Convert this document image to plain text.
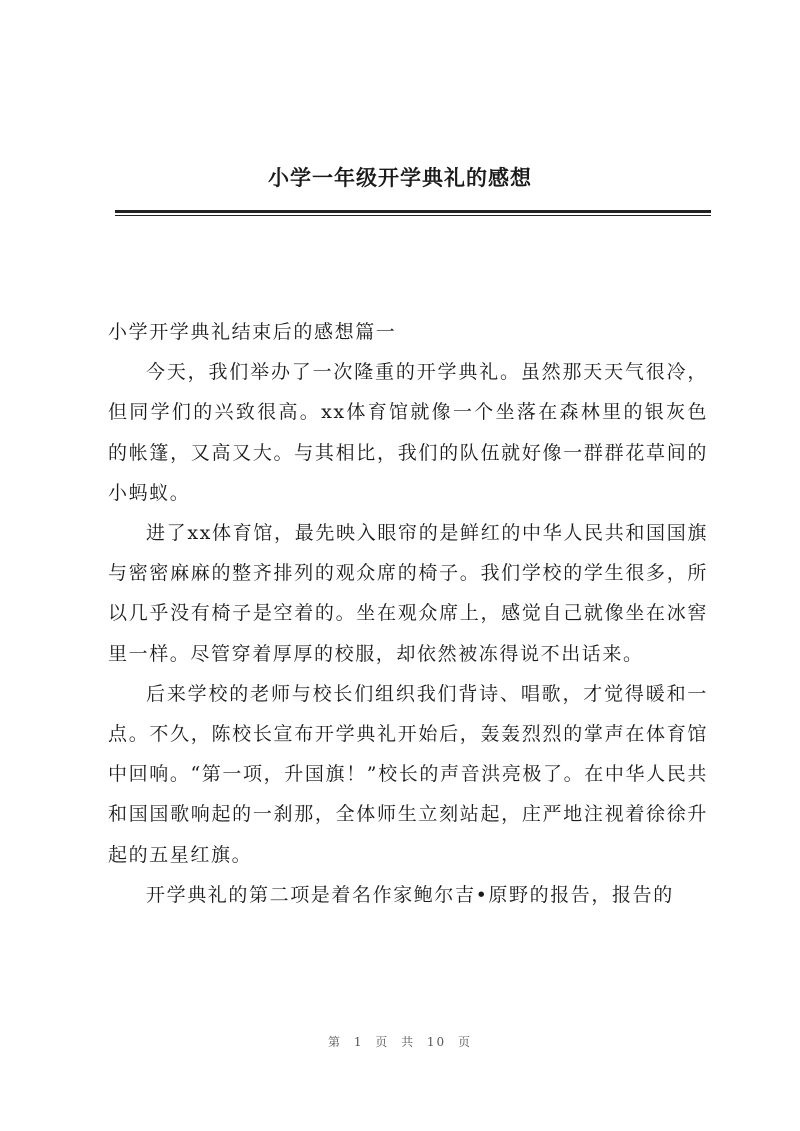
小学一年级开学典礼的感想

小学开学典礼结束后的感想篇一

今天，我们举办了一次隆重的开学典礼。虽然那天天气很冷，但同学们的兴致很高。xx体育馆就像一个坐落在森林里的银灰色的帐篷，又高又大。与其相比，我们的队伍就好像一群群花草间的小蚂蚁。

进了xx体育馆，最先映入眼帘的是鲜红的中华人民共和国国旗与密密麻麻的整齐排列的观众席的椅子。我们学校的学生很多，所以几乎没有椅子是空着的。坐在观众席上，感觉自己就像坐在冰窖里一样。尽管穿着厚厚的校服，却依然被冻得说不出话来。

后来学校的老师与校长们组织我们背诗、唱歌，才觉得暖和一点。不久，陈校长宣布开学典礼开始后，轰轰烈烈的掌声在体育馆中回响。“第一项，升国旗！”校长的声音洪亮极了。在中华人民共和国国歌响起的一刹那，全体师生立刻站起，庄严地注视着徐徐升起的五星红旗。

开学典礼的第二项是着名作家鲍尔吉•原野的报告，报告的

第 1 页 共 10 页
